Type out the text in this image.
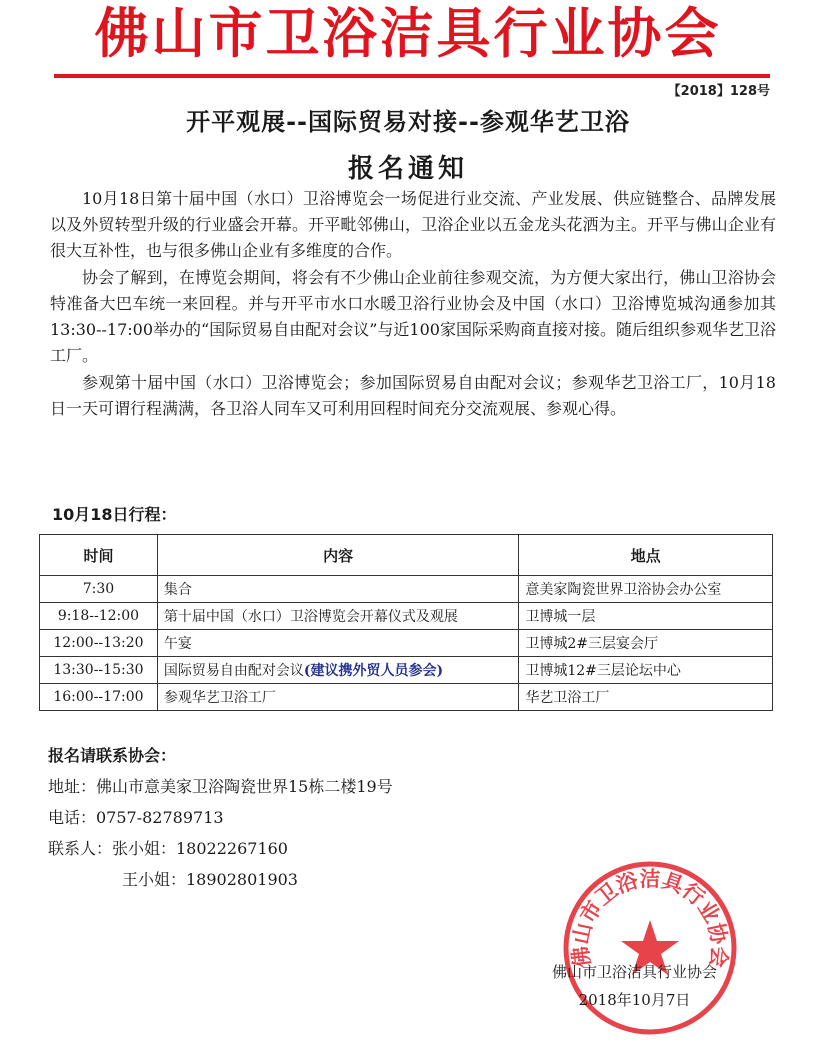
佛山市卫浴洁具行业协会
【2018】128号
开平观展--国际贸易对接--参观华艺卫浴
报名通知

10月18日第十届中国（水口）卫浴博览会一场促进行业交流、产业发展、供应链整合、品牌发展以及外贸转型升级的行业盛会开幕。开平毗邻佛山，卫浴企业以五金龙头花洒为主。开平与佛山企业有很大互补性，也与很多佛山企业有多维度的合作。

协会了解到，在博览会期间，将会有不少佛山企业前往参观交流，为方便大家出行，佛山卫浴协会特准备大巴车统一来回程。并与开平市水口水暖卫浴行业协会及中国（水口）卫浴博览城沟通参加其13:30--17:00举办的“国际贸易自由配对会议”与近100家国际采购商直接对接。随后组织参观华艺卫浴工厂。

参观第十届中国（水口）卫浴博览会；参加国际贸易自由配对会议；参观华艺卫浴工厂，10月18日一天可谓行程满满，各卫浴人同车又可利用回程时间充分交流观展、参观心得。

10月18日行程：
时间	内容	地点
7:30	集合	意美家陶瓷世界卫浴协会办公室
9:18--12:00	第十届中国（水口）卫浴博览会开幕仪式及观展	卫博城一层
12:00--13:20	午宴	卫博城2#三层宴会厅
13:30--15:30	国际贸易自由配对会议(建议携外贸人员参会)	卫博城12#三层论坛中心
16:00--17:00	参观华艺卫浴工厂	华艺卫浴工厂
报名请联系协会：
地址：佛山市意美家卫浴陶瓷世界15栋二楼19号
电话：0757-82789713
联系人：张小姐：18022267160
王小姐：18902801903
佛山市卫浴洁具行业协会
佛山市卫浴洁具行业协会
2018年10月7日
